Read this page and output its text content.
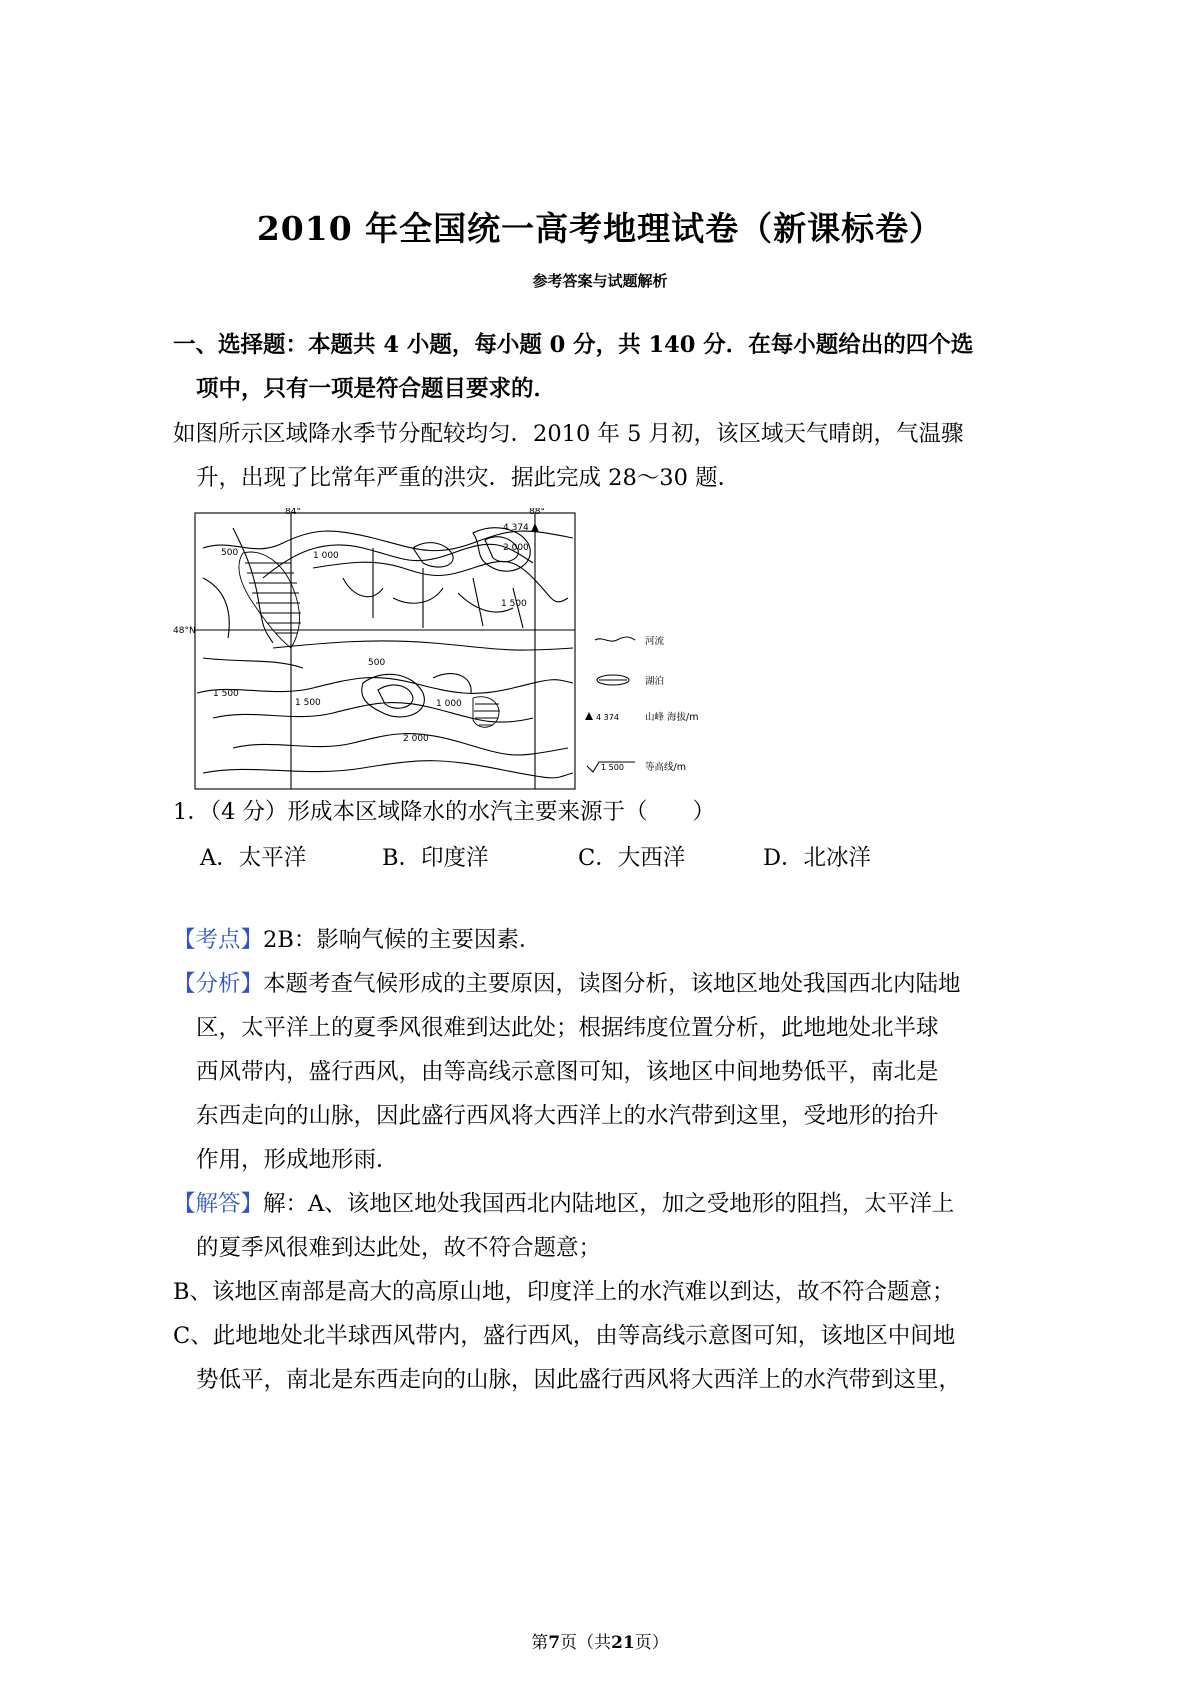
2010 年全国统一高考地理试卷（新课标卷）
参考答案与试题解析
一、选择题：本题共 4 小题，每小题 0 分，共 140 分．在每小题给出的四个选
项中，只有一项是符合题目要求的．
如图所示区域降水季节分配较均匀．2010 年 5 月初，该区域天气晴朗，气温骤
升，出现了比常年严重的洪灾．据此完成 28～30 题．
84°	88°
48°N
4 374
500	1 000
2 000
1 500
500
1 500
1 000
1 500
2 000
河流
湖泊
4 374	山峰 海拔/m
1 500 等高线/m
1．（4 分）形成本区域降水的水汽主要来源于（　　）
A．太平洋	B．印度洋	C．大西洋	D．北冰洋
【考点】2B：影响气候的主要因素．
【分析】本题考查气候形成的主要原因，读图分析，该地区地处我国西北内陆地
区，太平洋上的夏季风很难到达此处；根据纬度位置分析，此地地处北半球
西风带内，盛行西风，由等高线示意图可知，该地区中间地势低平，南北是
东西走向的山脉，因此盛行西风将大西洋上的水汽带到这里，受地形的抬升
作用，形成地形雨．
【解答】解：A、该地区地处我国西北内陆地区，加之受地形的阻挡，太平洋上
的夏季风很难到达此处，故不符合题意；
B、该地区南部是高大的高原山地，印度洋上的水汽难以到达，故不符合题意；
C、此地地处北半球西风带内，盛行西风，由等高线示意图可知，该地区中间地
势低平，南北是东西走向的山脉，因此盛行西风将大西洋上的水汽带到这里，
第7页（共21页）
